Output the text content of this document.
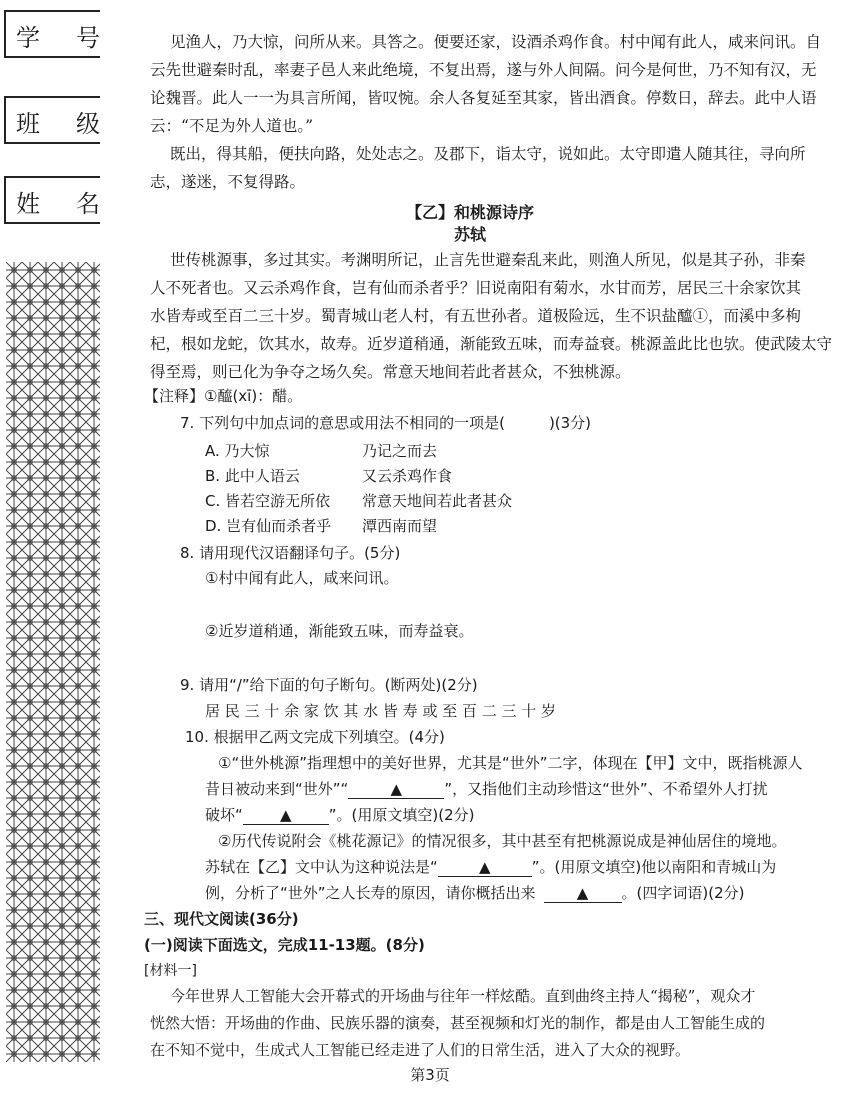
学 号
班 级
姓 名
见渔人，乃大惊，问所从来。具答之。便要还家，设酒杀鸡作食。村中闻有此人，咸来问讯。自
云先世避秦时乱，率妻子邑人来此绝境，不复出焉，遂与外人间隔。问今是何世，乃不知有汉，无
论魏晋。此人一一为具言所闻，皆叹惋。余人各复延至其家，皆出酒食。停数日，辞去。此中人语
云：“不足为外人道也。”
既出，得其船，便扶向路，处处志之。及郡下，诣太守，说如此。太守即遣人随其往，寻向所
志，遂迷，不复得路。
【乙】和桃源诗序
苏轼
世传桃源事，多过其实。考渊明所记，止言先世避秦乱来此，则渔人所见，似是其子孙，非秦
人不死者也。又云杀鸡作食，岂有仙而杀者乎？旧说南阳有菊水，水甘而芳，居民三十余家饮其
水皆寿或至百二三十岁。蜀青城山老人村，有五世孙者。道极险远，生不识盐醯①，而溪中多枸
杞，根如龙蛇，饮其水，故寿。近岁道稍通，渐能致五味，而寿益衰。桃源盖此比也欤。使武陵太守
得至焉，则已化为争夺之场久矣。常意天地间若此者甚众，不独桃源。
【注释】①醯(xī)：醋。
7. 下列句中加点词的意思或用法不相同的一项是(	)(3分)
A. 乃大惊	乃记之而去
B. 此中人语云	又云杀鸡作食
C. 皆若空游无所依 常意天地间若此者甚众
D. 岂有仙而杀者乎 潭西南而望
8. 请用现代汉语翻译句子。(5分)
①村中闻有此人，咸来问讯。
②近岁道稍通，渐能致五味，而寿益衰。
9. 请用“/”给下面的句子断句。(断两处)(2分)
居 民 三 十 余 家 饮 其 水 皆 寿 或 至 百 二 三 十 岁
10. 根据甲乙两文完成下列填空。(4分)
①“世外桃源”指理想中的美好世界，尤其是“世外”二字，体现在【甲】文中，既指桃源人
昔日被动来到“世外”“	▲	”，又指他们主动珍惜这“世外”、不希望外人打扰
破坏“ ▲ ”。(用原文填空)(2分)
②历代传说附会《桃花源记》的情况很多，其中甚至有把桃源说成是神仙居住的境地。
苏轼在【乙】文中认为这种说法是“	▲	”。(用原文填空)他以南阳和青城山为
例，分析了“世外”之人长寿的原因，请你概括出来	▲ 。(四字词语)(2分)
三、现代文阅读(36分)
(一)阅读下面选文，完成11-13题。(8分)
[材料一]
今年世界人工智能大会开幕式的开场曲与往年一样炫酷。直到曲终主持人“揭秘”，观众才
恍然大悟：开场曲的作曲、民族乐器的演奏，甚至视频和灯光的制作，都是由人工智能生成的
在不知不觉中，生成式人工智能已经走进了人们的日常生活，进入了大众的视野。
第3页
